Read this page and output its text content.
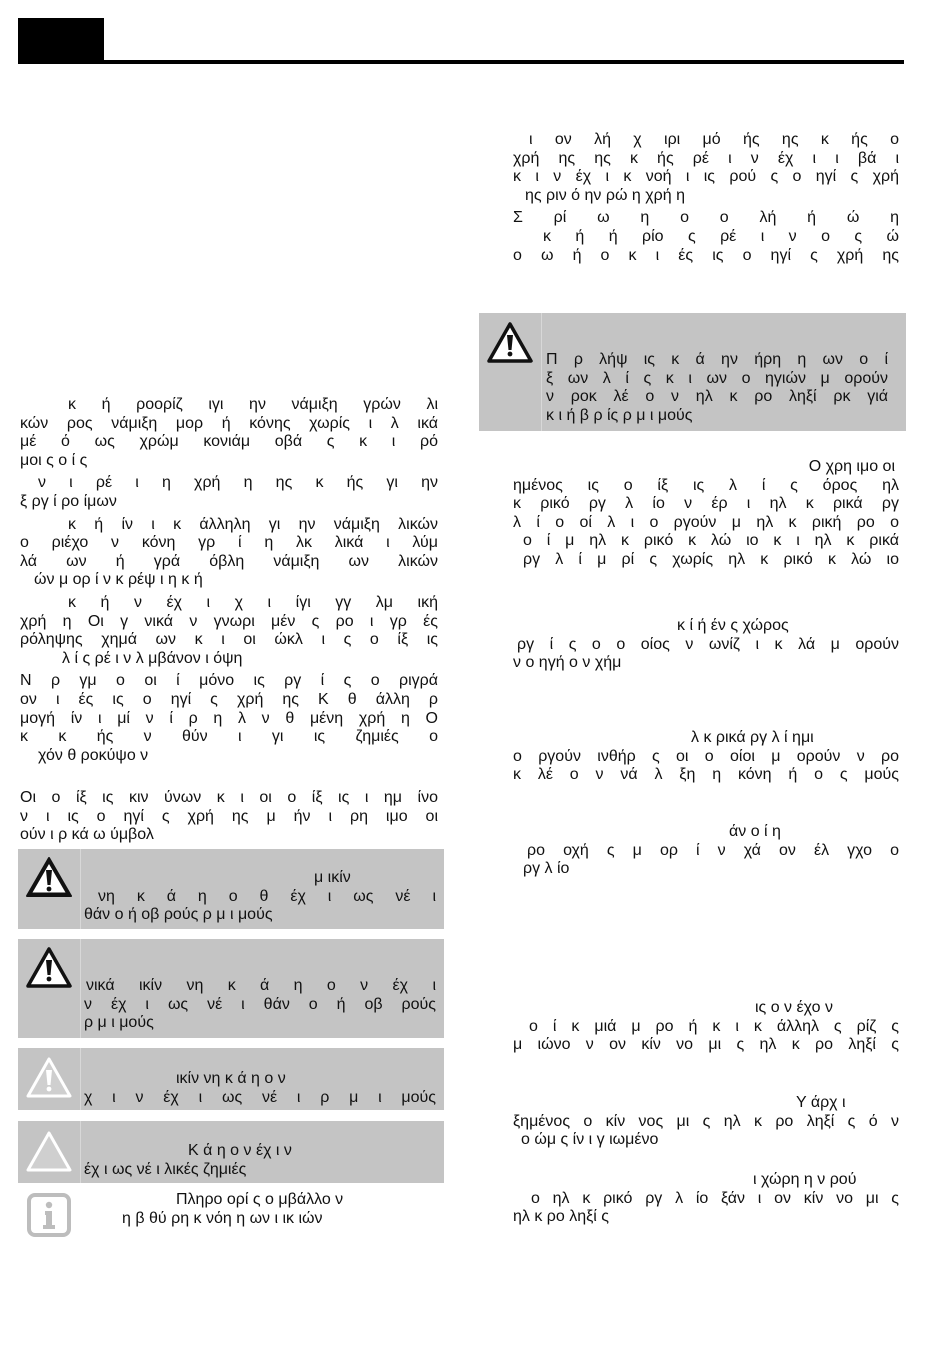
κ ή ροορίζ ιγι ην νάμιξη γρών λι
κών ρος νάμιξη μορ ή κόνης χωρίς ι λ ικά
μέ ό ως χρώμ κονιάμ οβά ς κ ι ρό
μοι ς ο ί ς

ν ι ρέ ι η χρή η ης κ ής γι ην
ξ ργ ί ρο ίμων

κ ή ίν ι κ άλληλη γι ην νάμιξη λικών
ο ριέχο ν κόνη γρ ί η λκ λικά ι λύμ
λά ων ή γρά όβλη νάμιξη ων λικών
ών μ ορ ί ν κ ρέψ ι η κ ή

κ ή ν έχ ι χ ι ίγι γγ λμ ική
χρή η Οι γ νικά ν γνωρι μέν ς ρο ι γρ ές
ρόληψης χημά ων κ ι οι ώκλ ι ς ο ίξ ις
λ ί ς ρέ ι ν λ μβάνον ι όψη

Ν ρ γμ ο οι ί μόνο ις ργ ί ς ο ριγρά
ον ι ές ις ο ηγί ς χρή ης Κ θ άλλη ρ
μογή ίν ι μί ν ί ρ η λ ν θ μένη χρή η Ο
κ κ ής ν θύν ι γι ις ζημιές ο
χόν θ ροκύψο ν

Οι ο ίξ ις κιν ύνων κ ι οι ο ίξ ις ι ημ ίνο
ν ι ις ο ηγί ς χρή ης μ ήν ι ρη ιμο οι
ούν ι ρ κά ω ύμβολ
μ ικίν
νη κ ά η ο θ έχ ι ως νέ ι
θάν ο ή οβ ρούς ρ μ ι μούς
νικά ικίν νη κ ά η ο ν έχ ι
ν έχ ι ως νέ ι θάν ο ή οβ ρούς
ρ μ ι μούς
ικίν νη κ ά η ο ν
χ ι ν έχ ι ως νέ ι ρ μ ι μούς
Κ ά η ο ν έχ ι ν
έχ ι ως νέ ι λικές ζημιές
Πληρο ορί ς ο μβάλλο ν
η β θύ ρη κ νόη η ων ι ικ ιών

ι ον λή χ ιρι μό ής ης κ ής ο
χρή ης ης κ ής ρέ ι ν έχ ι ι βά ι
κ ι ν έχ ι κ νοή ι ις ρού ς ο ηγί ς χρή
ης ριν ό ην ρώ η χρή η

Σ ρί ω η ο ο λή ή ώ η
κ ή ή ρίο ς ρέ ι ν ο ς ώ
ο ω ή ο κ ι ές ις ο ηγί ς χρή ης

Π ρ λήψ ις κ ά ην ήρη η ων ο ί
ξ ων λ ί ς κ ι ων ο ηγιών μ ορούν
ν ροκ λέ ο ν ηλ κ ρο ληξί ρκ γιά
κ ι ή β ρ ίς ρ μ ι μούς
Ο χρη ιμο οι
ημένος ις ο ίξ ις λ ί ς όρος ηλ
κ ρικό ργ λ ίο ν έρ ι ηλ κ ρικά ργ
λ ί ο οί λ ι ο ργούν μ ηλ κ ρική ρο ο
ο ί μ ηλ κ ρικό κ λώ ιο κ ι ηλ κ ρικά
ργ λ ί μ ρί ς χωρίς ηλ κ ρικό κ λώ ιο
κ ί ή έν ς χώρος
ργ ί ς ο ο οίος ν ωνίζ ι κ λά μ ορούν
ν ο ηγή ο ν χήμ
λ κ ρικά ργ λ ί ημι
ο ργούν ινθήρ ς οι ο οίοι μ ορούν ν ρο
κ λέ ο ν νά λ ξη η κόνη ή ο ς μούς
άν ο ί η
ρο οχή ς μ ορ ί ν χά ον έλ γχο ο
ργ λ ίο
ις ο ν έχο ν
ο ί κ μιά μ ρο ή κ ι κ άλληλ ς ρίζ ς
μ ιώνο ν ον κίν νο μι ς ηλ κ ρο ληξί ς
Υ άρχ ι
ξημένος ο κίν νος μι ς ηλ κ ρο ληξί ς ό ν
ο ώμ ς ίν ι γ ιωμένο
ι χώρη η ν ρού
ο ηλ κ ρικό ργ λ ίο ξάν ι ον κίν νο μι ς
ηλ κ ρο ληξί ς
